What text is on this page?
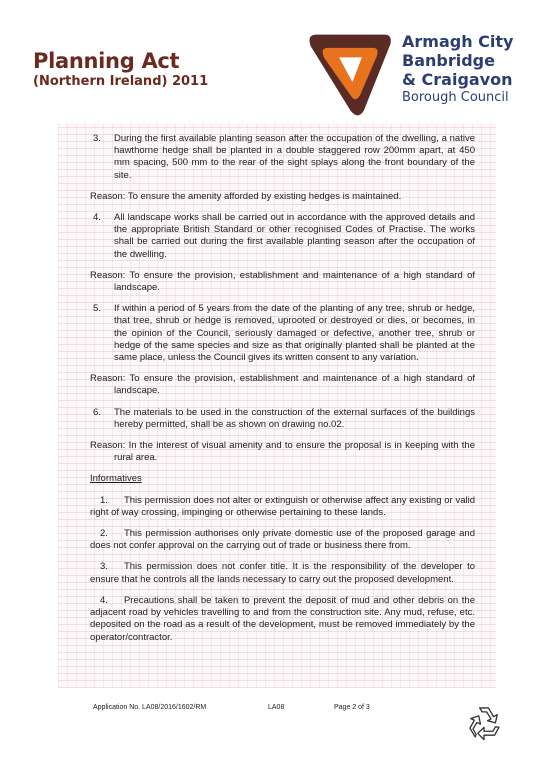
Planning Act
(Northern Ireland) 2011
Armagh City
Banbridge
& Craigavon
Borough Council
3.	During the first available planting season after the occupation of the dwelling, a native hawthorne hedge shall be planted in a double staggered row 200mm apart, at 450 mm spacing, 500 mm to the rear of the sight splays along the front boundary of the site.
Reason: To ensure the amenity afforded by existing hedges is maintained.
4.	All landscape works shall be carried out in accordance with the approved details and the appropriate British Standard or other recognised Codes of Practise. The works shall be carried out during the first available planting season after the occupation of the dwelling.
Reason: To ensure the provision, establishment and maintenance of a high standard of landscape.
5.	If within a period of 5 years from the date of the planting of any tree, shrub or hedge, that tree, shrub or hedge is removed, uprooted or destroyed or dies, or becomes, in the opinion of the Council, seriously damaged or defective, another tree, shrub or hedge of the same species and size as that originally planted shall be planted at the same place, unless the Council gives its written consent to any variation.
Reason: To ensure the provision, establishment and maintenance of a high standard of landscape.
6.	The materials to be used in the construction of the external surfaces of the buildings hereby permitted, shall be as shown on drawing no.02.
Reason: In the interest of visual amenity and to ensure the proposal is in keeping with the rural area.
Informatives
1. This permission does not alter or extinguish or otherwise affect any existing or valid right of way crossing, impinging or otherwise pertaining to these lands.
2. This permission authorises only private domestic use of the proposed garage and does not confer approval on the carrying out of trade or business there from.
3. This permission does not confer title. It is the responsibility of the developer to ensure that he controls all the lands necessary to carry out the proposed development.
4. Precautions shall be taken to prevent the deposit of mud and other debris on the adjacent road by vehicles travelling to and from the construction site. Any mud, refuse, etc. deposited on the road as a result of the development, must be removed immediately by the operator/contractor.
Application No. LA08/2016/1602/RM	LA08	Page 2 of 3
